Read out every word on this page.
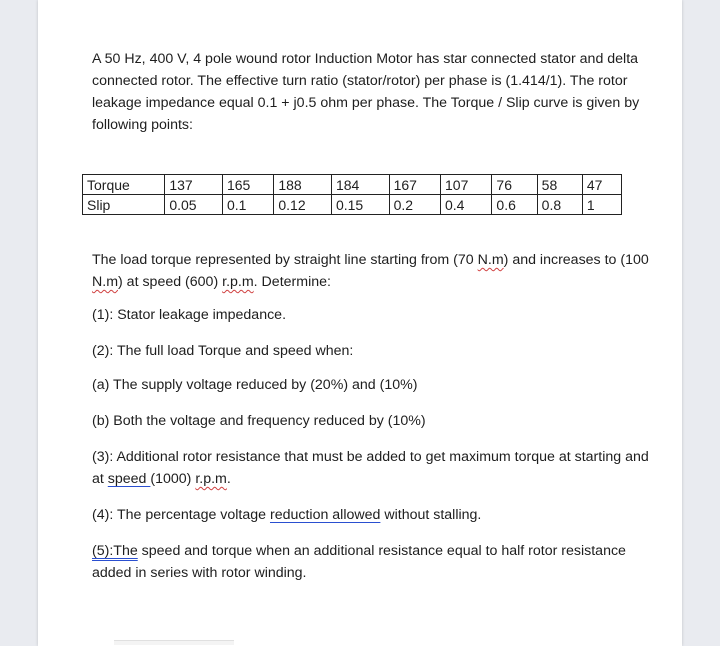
A 50 Hz, 400 V, 4 pole wound rotor Induction Motor has star connected stator and delta connected rotor. The effective turn ratio (stator/rotor) per phase is (1.414/1). The rotor leakage impedance equal 0.1 + j0.5 ohm per phase. The Torque / Slip curve is given by following points:

Torque	137	165	188	184	167	107	76	58	47
Slip	0.05	0.1	0.12	0.15	0.2	0.4	0.6	0.8	1

The load torque represented by straight line starting from (70 N.m) and increases to (100 N.m) at speed (600) r.p.m. Determine:

(1): Stator leakage impedance.

(2): The full load Torque and speed when:

(a) The supply voltage reduced by (20%) and (10%)

(b) Both the voltage and frequency reduced by (10%)

(3): Additional rotor resistance that must be added to get maximum torque at starting and at speed (1000) r.p.m.

(4): The percentage voltage reduction allowed without stalling.

(5):The speed and torque when an additional resistance equal to half rotor resistance added in series with rotor winding.
